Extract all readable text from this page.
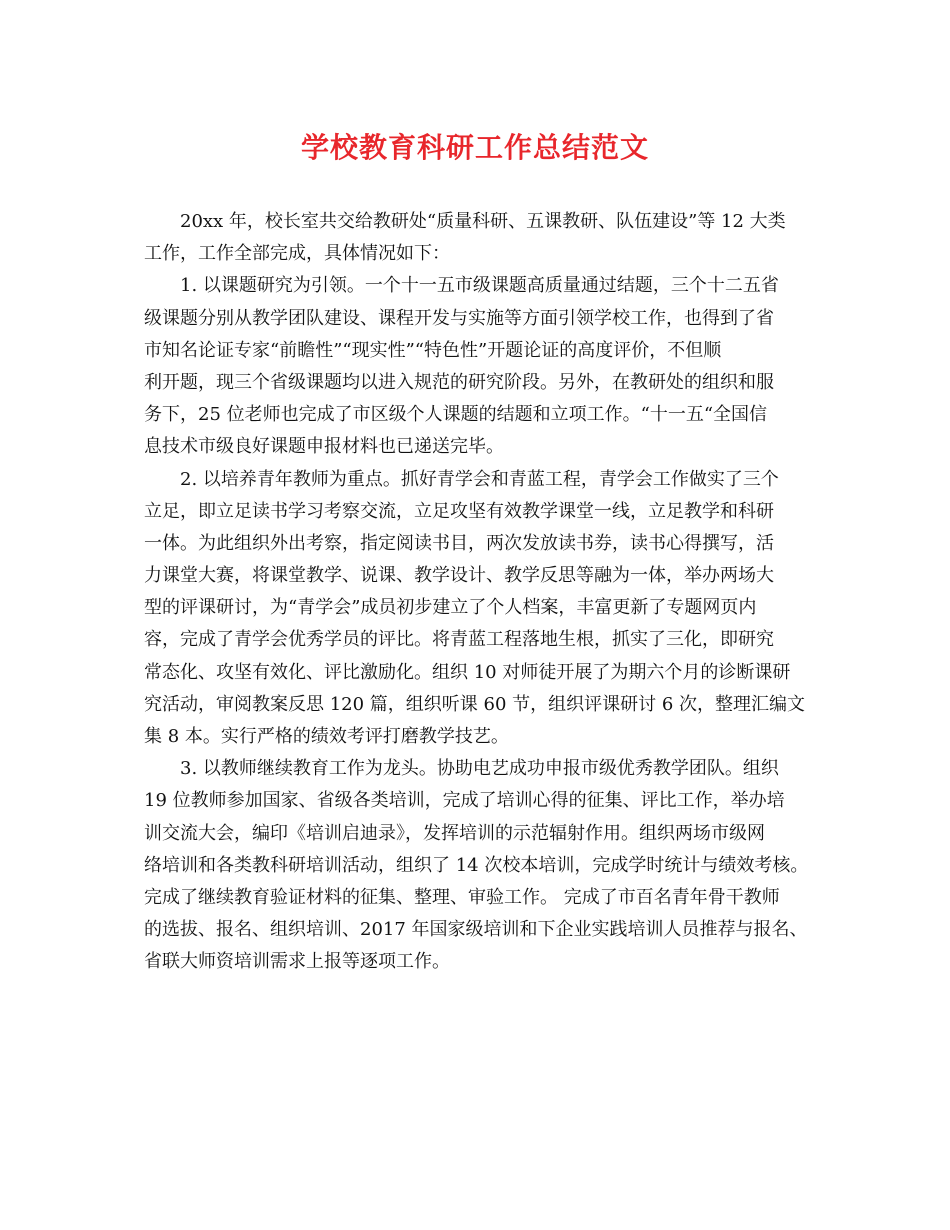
学校教育科研工作总结范文
20xx 年，校长室共交给教研处“质量科研、五课教研、队伍建设”等 12 大类
工作，工作全部完成，具体情况如下：
1. 以课题研究为引领。一个十一五市级课题高质量通过结题，三个十二五省
级课题分别从教学团队建设、课程开发与实施等方面引领学校工作，也得到了省
市知名论证专家“前瞻性”“现实性”“特色性”开题论证的高度评价，不但顺
利开题，现三个省级课题均以进入规范的研究阶段。另外，在教研处的组织和服
务下，25 位老师也完成了市区级个人课题的结题和立项工作。“十一五“全国信
息技术市级良好课题申报材料也已递送完毕。
2. 以培养青年教师为重点。抓好青学会和青蓝工程，青学会工作做实了三个
立足，即立足读书学习考察交流，立足攻坚有效教学课堂一线，立足教学和科研
一体。为此组织外出考察，指定阅读书目，两次发放读书券，读书心得撰写，活
力课堂大赛，将课堂教学、说课、教学设计、教学反思等融为一体，举办两场大
型的评课研讨，为“青学会”成员初步建立了个人档案，丰富更新了专题网页内
容，完成了青学会优秀学员的评比。将青蓝工程落地生根，抓实了三化，即研究
常态化、攻坚有效化、评比激励化。组织 10 对师徒开展了为期六个月的诊断课研
究活动，审阅教案反思 120 篇，组织听课 60 节，组织评课研讨 6 次，整理汇编文
集 8 本。实行严格的绩效考评打磨教学技艺。
3. 以教师继续教育工作为龙头。协助电艺成功申报市级优秀教学团队。组织
19 位教师参加国家、省级各类培训，完成了培训心得的征集、评比工作，举办培
训交流大会，编印《培训启迪录》，发挥培训的示范辐射作用。组织两场市级网
络培训和各类教科研培训活动，组织了 14 次校本培训，完成学时统计与绩效考核。
完成了继续教育验证材料的征集、整理、审验工作。 完成了市百名青年骨干教师
的选拔、报名、组织培训、2017 年国家级培训和下企业实践培训人员推荐与报名、
省联大师资培训需求上报等逐项工作。
